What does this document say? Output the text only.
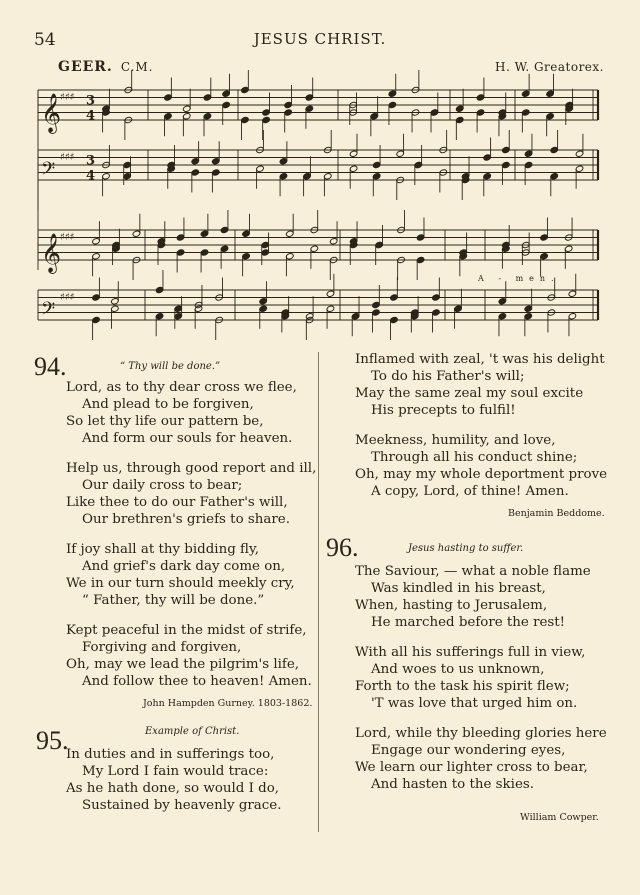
54	JESUS CHRIST.
GEER. C.M.	H. W. Greatorex.
𝄞
♯♯♯ 3
4
𝄢
♯♯♯ 3
4
𝄞
♯♯♯
𝄢
♯♯♯
A - men.
94.	“ Thy will be done.”
Lord, as to thy dear cross we flee,
And plead to be forgiven,
So let thy life our pattern be,
And form our souls for heaven.
Help us, through good report and ill,
Our daily cross to bear;
Like thee to do our Father's will,
Our brethren's griefs to share.
If joy shall at thy bidding fly,
And grief's dark day come on,
We in our turn should meekly cry,
“ Father, thy will be done.”
Kept peaceful in the midst of strife,
Forgiving and forgiven,
Oh, may we lead the pilgrim's life,
And follow thee to heaven! Amen.
John Hampden Gurney. 1803-1862.
95.	Example of Christ.
In duties and in sufferings too,
My Lord I fain would trace:
As he hath done, so would I do,
Sustained by heavenly grace.
Inflamed with zeal, 't was his delight
To do his Father's will;
May the same zeal my soul excite
His precepts to fulfil!
Meekness, humility, and love,
Through all his conduct shine;
Oh, may my whole deportment prove
A copy, Lord, of thine! Amen.
Benjamin Beddome.
96.	Jesus hasting to suffer.
The Saviour, — what a noble flame
Was kindled in his breast,
When, hasting to Jerusalem,
He marched before the rest!
With all his sufferings full in view,
And woes to us unknown,
Forth to the task his spirit flew;
'T was love that urged him on.
Lord, while thy bleeding glories here
Engage our wondering eyes,
We learn our lighter cross to bear,
And hasten to the skies.
William Cowper.
